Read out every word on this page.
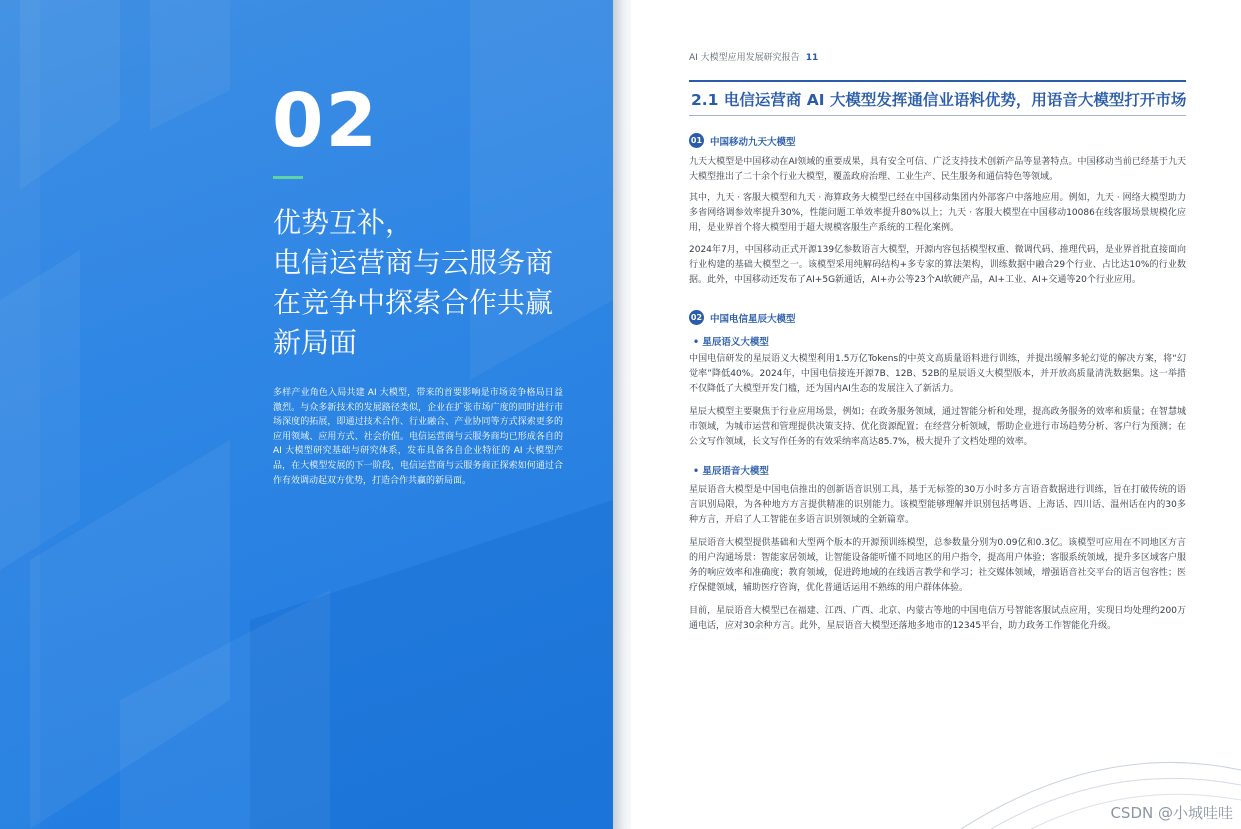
02
优势互补，
电信运营商与云服务商
在竞争中探索合作共赢
新局面

多样产业角色入局共建 AI 大模型，带来的首要影响是市场竞争格局日益激烈。与众多新技术的发展路径类似，企业在扩张市场广度的同时进行市场深度的拓展，即通过技术合作、行业融合、产业协同等方式探索更多的应用领域、应用方式、社会价值。电信运营商与云服务商均已形成各自的 AI 大模型研究基础与研究体系，发布具备各自企业特征的 AI 大模型产品，在大模型发展的下一阶段，电信运营商与云服务商正探索如何通过合作有效调动起双方优势，打造合作共赢的新局面。

AI 大模型应用发展研究报告 11
2.1 电信运营商 AI 大模型发挥通信业语料优势，用语音大模型打开市场
01 中国移动九天大模型

九天大模型是中国移动在AI领域的重要成果，具有安全可信、广泛支持技术创新产品等显著特点。中国移动当前已经基于九天大模型推出了二十余个行业大模型，覆盖政府治理、工业生产、民生服务和通信特色等领域。

其中，九天 · 客服大模型和九天 · 海算政务大模型已经在中国移动集团内外部客户中落地应用。例如，九天 · 网络大模型助力多省网络调参效率提升30%，性能问题工单效率提升80%以上；九天 · 客服大模型在中国移动10086在线客服场景规模化应用，是业界首个将大模型用于超大规模客服生产系统的工程化案例。

2024年7月，中国移动正式开源139亿参数语言大模型，开源内容包括模型权重、微调代码、推理代码，是业界首批直接面向行业构建的基础大模型之一。该模型采用纯解码结构+多专家的算法架构，训练数据中融合29个行业、占比达10%的行业数据。此外，中国移动还发布了AI+5G新通话，AI+办公等23个AI软硬产品，AI+工业、AI+交通等20个行业应用。

02 中国电信星辰大模型
• 星辰语义大模型

中国电信研发的星辰语义大模型利用1.5万亿Tokens的中英文高质量语料进行训练，并提出缓解多轮幻觉的解决方案，将“幻觉率”降低40%。2024年，中国电信接连开源7B、12B、52B的星辰语义大模型版本，并开放高质量清洗数据集。这一举措不仅降低了大模型开发门槛，还为国内AI生态的发展注入了新活力。

星辰大模型主要聚焦于行业应用场景，例如；在政务服务领域，通过智能分析和处理，提高政务服务的效率和质量；在智慧城市领域，为城市运营和管理提供决策支持、优化资源配置；在经营分析领域，帮助企业进行市场趋势分析、客户行为预测；在公文写作领域，长文写作任务的有效采纳率高达85.7%，极大提升了文档处理的效率。

• 星辰语音大模型

星辰语音大模型是中国电信推出的创新语音识别工具，基于无标签的30万小时多方言语音数据进行训练，旨在打破传统的语言识别局限，为各种地方方言提供精准的识别能力。该模型能够理解并识别包括粤语、上海话、四川话、温州话在内的30多种方言，开启了人工智能在多语言识别领域的全新篇章。

星辰语音大模型提供基础和大型两个版本的开源预训练模型，总参数量分别为0.09亿和0.3亿。该模型可应用在不同地区方言的用户沟通场景：智能家居领域，让智能设备能听懂不同地区的用户指令，提高用户体验；客服系统领域，提升多区域客户服务的响应效率和准确度；教育领域，促进跨地域的在线语言教学和学习；社交媒体领域，增强语音社交平台的语言包容性；医疗保健领域，辅助医疗咨询，优化普通话运用不熟练的用户群体体验。

目前，星辰语音大模型已在福建、江西、广西、北京、内蒙古等地的中国电信万号智能客服试点应用，实现日均处理约200万通电话，应对30余种方言。此外，星辰语音大模型还落地多地市的12345平台，助力政务工作智能化升级。

CSDN @小城哇哇
